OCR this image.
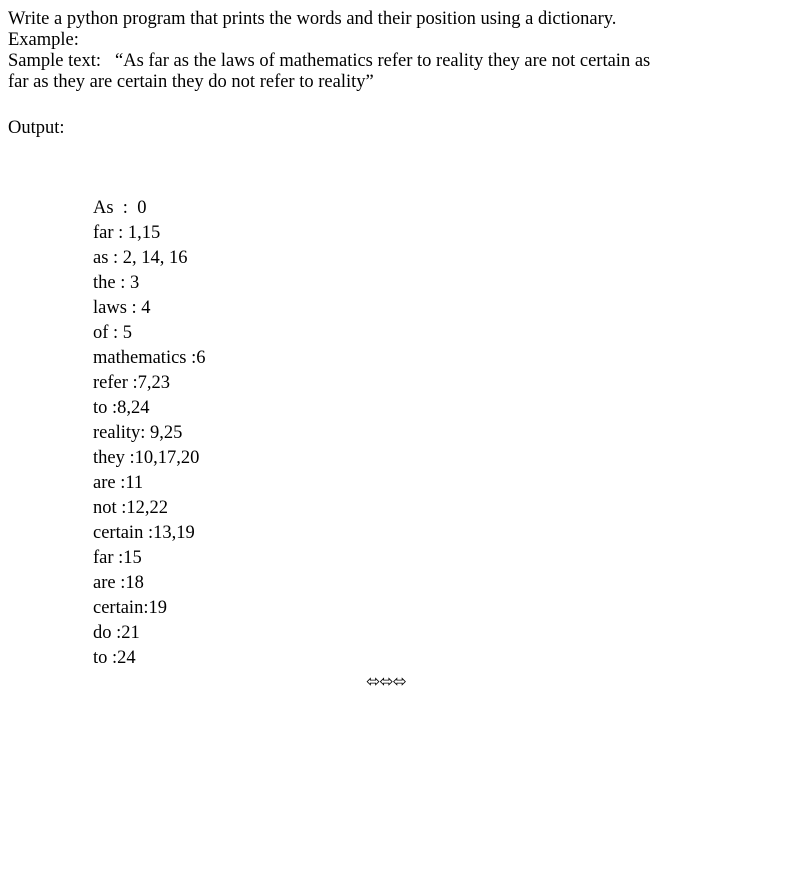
Write a python program that prints the words and their position using a dictionary.
Example:
Sample text: “As far as the laws of mathematics refer to reality they are not certain as
far as they are certain they do not refer to reality”
Output:
As  :  0
far : 1,15
as : 2, 14, 16
the : 3
laws : 4
of : 5
mathematics :6
refer :7,23
to :8,24
reality: 9,25
they :10,17,20
are :11
not :12,22
certain :13,19
far :15
are :18
certain:19
do :21
to :24
⬄⬄⬄
